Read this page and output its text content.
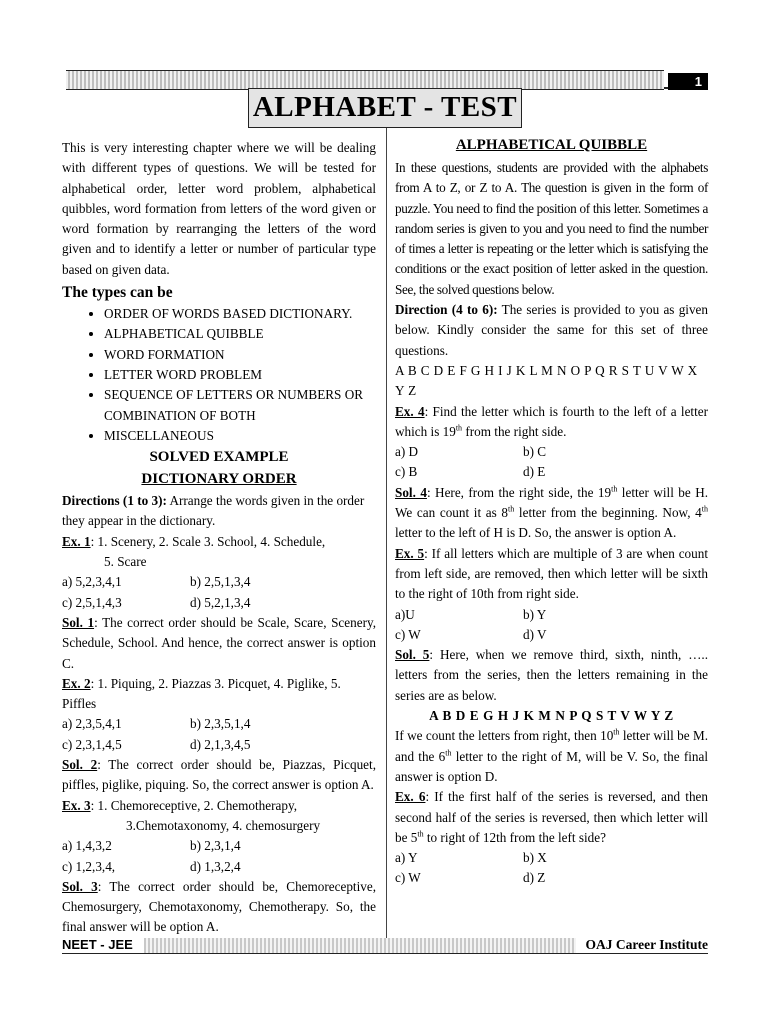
1
ALPHABET - TEST

This is very interesting chapter where we will be dealing with different types of questions. We will be tested for alphabetical order, letter word problem, alphabetical quibbles, word formation from letters of the word given or word formation by rearranging the letters of the word given and to identify a letter or number of particular type based on given data.

The types can be

• ORDER OF WORDS BASED DICTIONARY.
• ALPHABETICAL QUIBBLE
• WORD FORMATION
• LETTER WORD PROBLEM
• SEQUENCE OF LETTERS OR NUMBERS OR COMBINATION OF BOTH
• MISCELLANEOUS

SOLVED EXAMPLE

DICTIONARY ORDER

Directions (1 to 3): Arrange the words given in the order they appear in the dictionary.

Ex. 1: 1. Scenery, 2. Scale 3. School, 4. Schedule,

5. Scare

a) 5,2,3,4,1	b) 2,5,1,3,4
c) 2,5,1,4,3	d) 5,2,1,3,4

Sol. 1: The correct order should be Scale, Scare, Scenery, Schedule, School. And hence, the correct answer is option C.

Ex. 2: 1. Piquing, 2. Piazzas 3. Picquet, 4. Piglike, 5. Piffles

a) 2,3,5,4,1	b) 2,3,5,1,4
c) 2,3,1,4,5	d) 2,1,3,4,5

Sol. 2: The correct order should be, Piazzas, Picquet, piffles, piglike, piquing. So, the correct answer is option A.

Ex. 3: 1. Chemoreceptive, 2. Chemotherapy,

3.Chemotaxonomy, 4. chemosurgery

a) 1,4,3,2	b) 2,3,1,4
c) 1,2,3,4,	d) 1,3,2,4

Sol. 3: The correct order should be, Chemoreceptive, Chemosurgery, Chemotaxonomy, Chemotherapy. So, the final answer will be option A.

ALPHABETICAL QUIBBLE

In these questions, students are provided with the alphabets from A to Z, or Z to A. The question is given in the form of puzzle. You need to find the position of this letter. Sometimes a random series is given to you and you need to find the number of times a letter is repeating or the letter which is satisfying the conditions or the exact position of letter asked in the question. See, the solved questions below.

Direction (4 to 6): The series is provided to you as given below. Kindly consider the same for this set of three questions.

A B C D E F G H I J K L M N O P Q R S T U V W X Y Z

Ex. 4: Find the letter which is fourth to the left of a letter which is 19th from the right side.

a) D	b) C
c) B	d) E

Sol. 4: Here, from the right side, the 19th letter will be H. We can count it as 8th letter from the beginning. Now, 4th letter to the left of H is D. So, the answer is option A.

Ex. 5: If all letters which are multiple of 3 are when count from left side, are removed, then which letter will be sixth to the right of 10th from right side.

a)U	b) Y
c) W	d) V

Sol. 5: Here, when we remove third, sixth, ninth, ….. letters from the series, then the letters remaining in the series are as below.

A B D E G H J K M N P Q S T V W Y Z

If we count the letters from right, then 10th letter will be M. and the 6th letter to the right of M, will be V. So, the final answer is option D.

Ex. 6: If the first half of the series is reversed, and then second half of the series is reversed, then which letter will be 5th to right of 12th from the left side?

a) Y	b) X
c) W	d) Z
NEET - JEE	OAJ Career Institute
